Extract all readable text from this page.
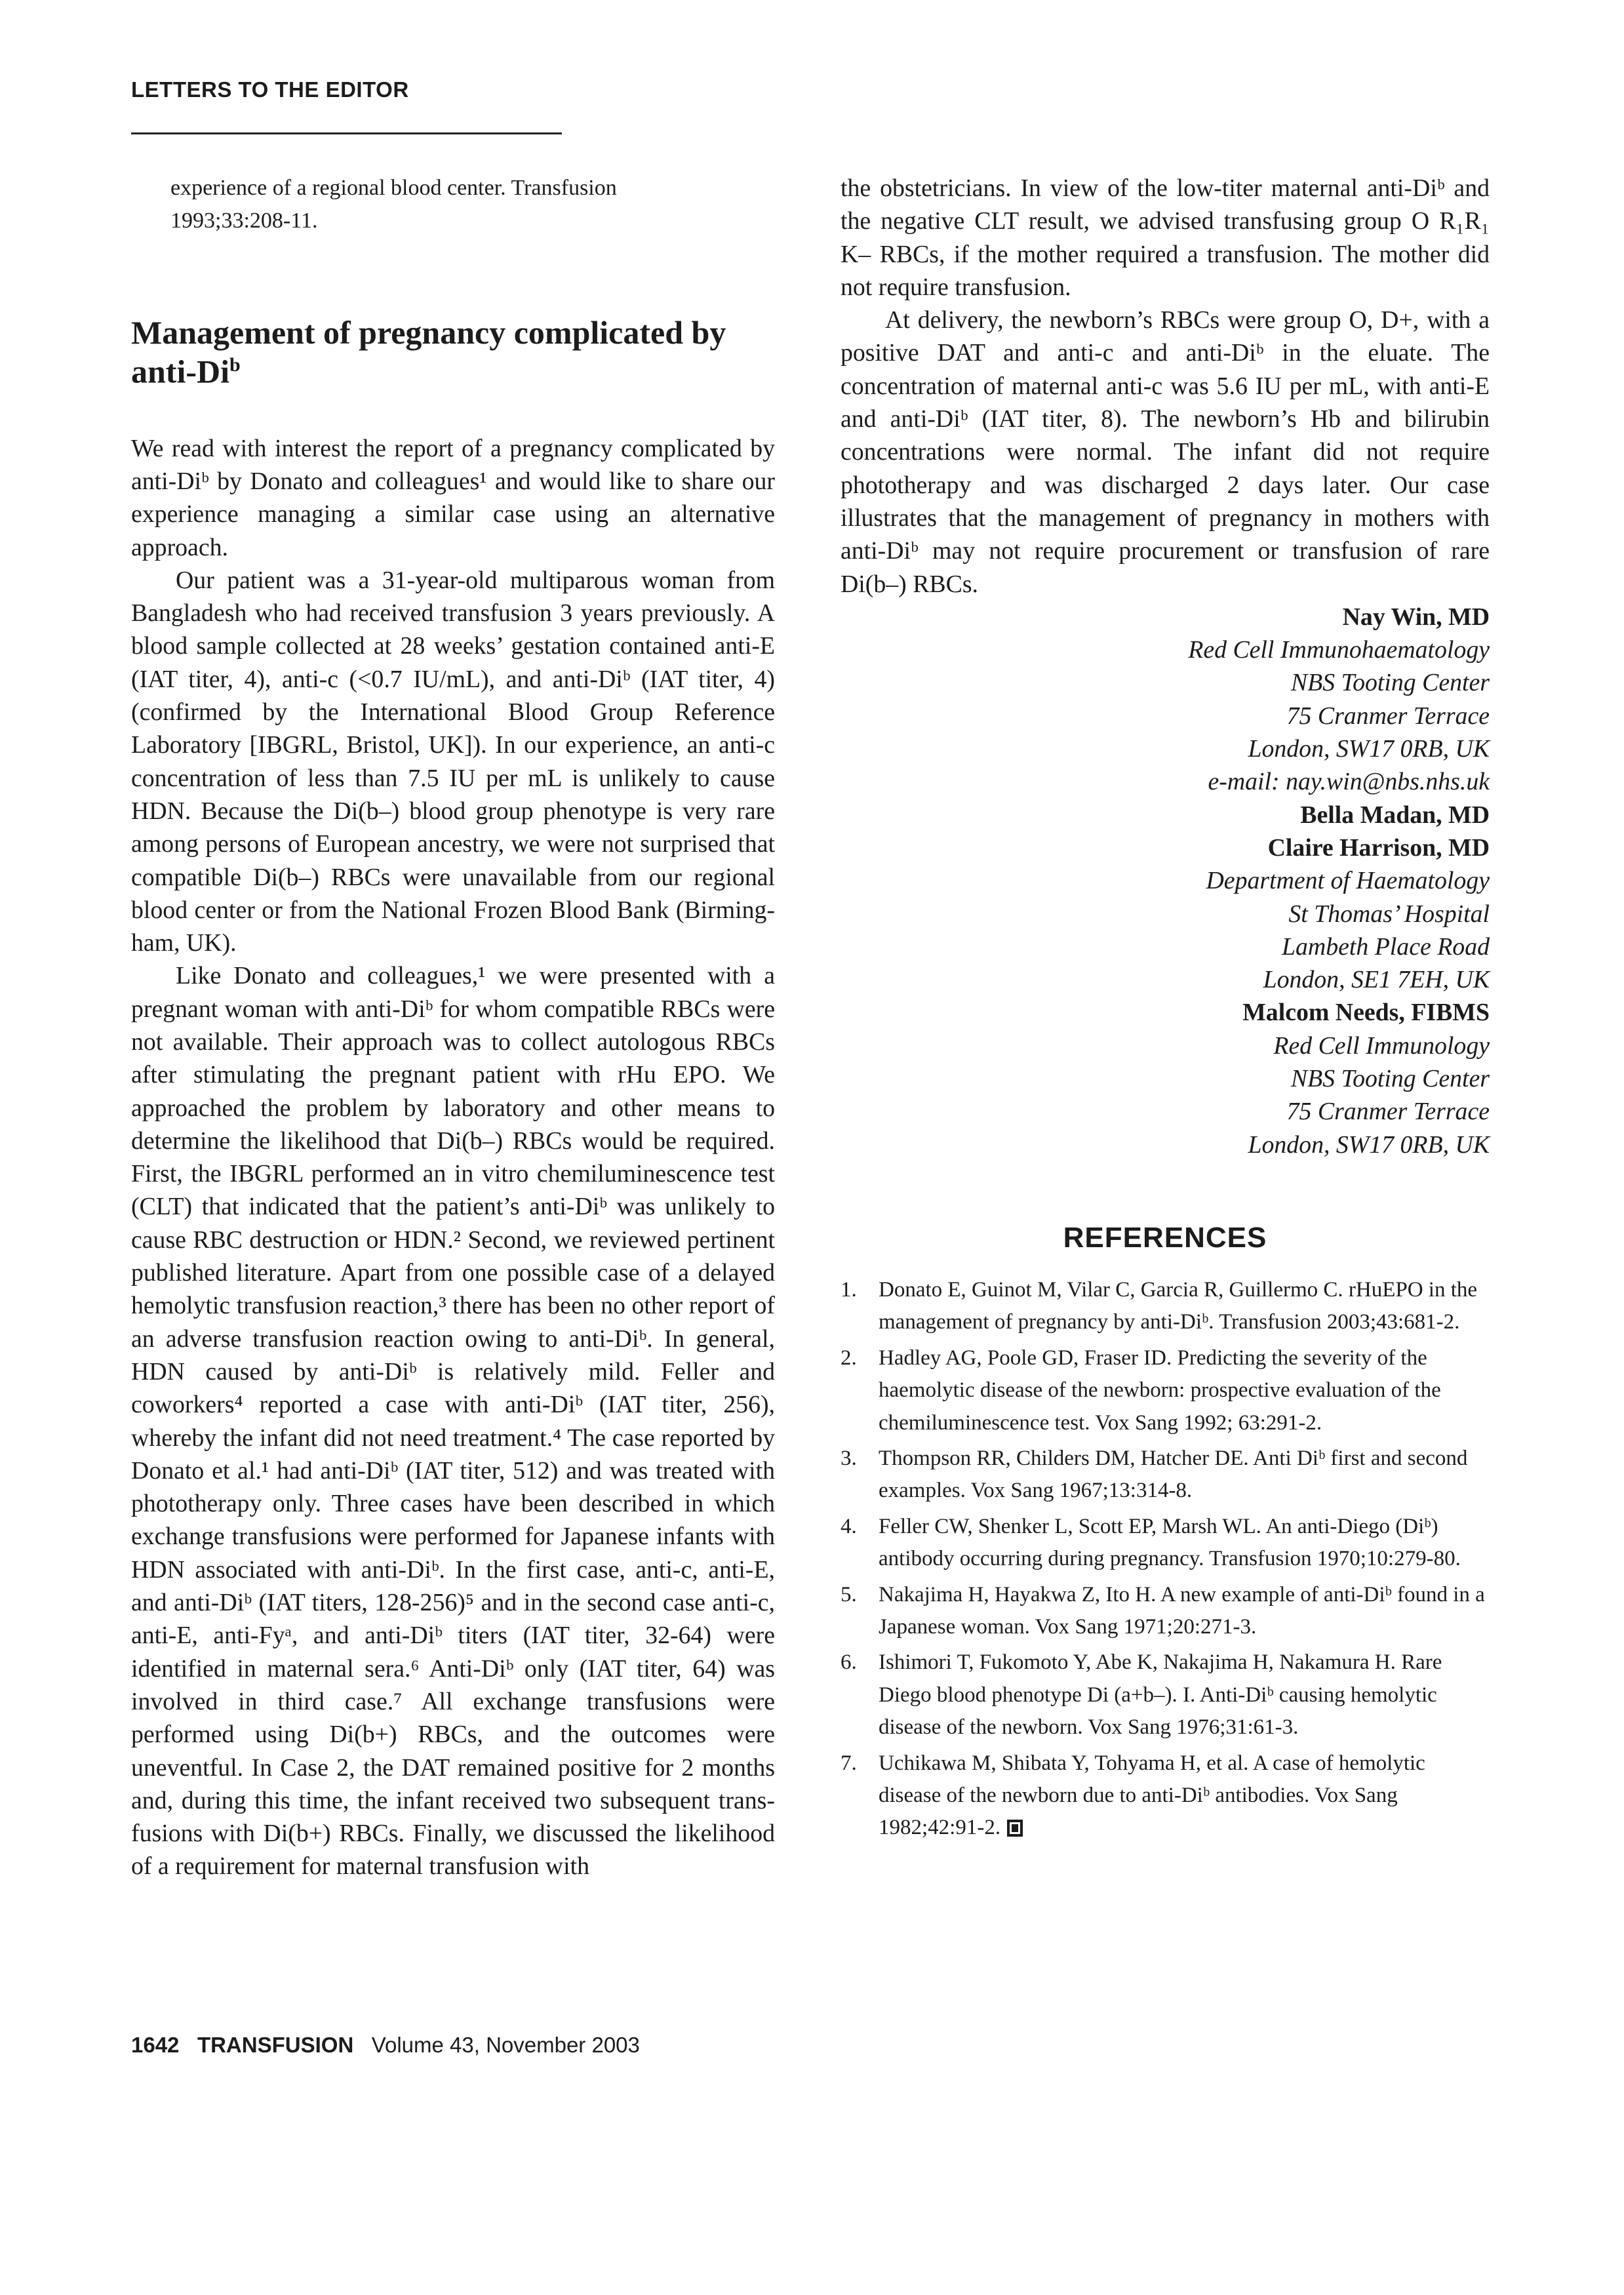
LETTERS TO THE EDITOR
experience of a regional blood center. Transfusion
1993;33:208-11.
Management of pregnancy complicated by anti-Di$^b$

We read with interest the report of a pregnancy complicated by anti-Diᵇ by Donato and colleagues¹ and would like to share our experience managing a similar case using an alternative approach.

Our patient was a 31-year-old multiparous woman from Bangladesh who had received transfusion 3 years previously. A blood sample collected at 28 weeks’ gestation contained anti-E (IAT titer, 4), anti-c (<0.7 IU/mL), and anti-Diᵇ (IAT titer, 4) (confirmed by the International Blood Group Reference Laboratory [IBGRL, Bristol, UK]). In our experience, an anti-c concentration of less than 7.5 IU per mL is unlikely to cause HDN. Because the Di(b–) blood group phenotype is very rare among persons of European ancestry, we were not surprised that compatible Di(b–) RBCs were unavailable from our regional blood center or from the National Frozen Blood Bank (Birmingham, UK).

Like Donato and colleagues,¹ we were presented with a pregnant woman with anti-Diᵇ for whom compatible RBCs were not available. Their approach was to collect autologous RBCs after stimulating the pregnant patient with rHu EPO. We approached the problem by laboratory and other means to determine the likelihood that Di(b–) RBCs would be required. First, the IBGRL performed an in vitro chemiluminescence test (CLT) that indicated that the patient’s anti-Diᵇ was unlikely to cause RBC destruction or HDN.² Second, we reviewed pertinent published literature. Apart from one possible case of a delayed hemolytic transfusion reaction,³ there has been no other report of an adverse transfusion reaction owing to anti-Diᵇ. In general, HDN caused by anti-Diᵇ is relatively mild. Feller and coworkers⁴ reported a case with anti-Diᵇ (IAT titer, 256), whereby the infant did not need treatment.⁴ The case reported by Donato et al.¹ had anti-Diᵇ (IAT titer, 512) and was treated with phototherapy only. Three cases have been described in which exchange transfusions were performed for Japanese infants with HDN associated with anti-Diᵇ. In the first case, anti-c, anti-E, and anti-Diᵇ (IAT titers, 128-256)⁵ and in the second case anti-c, anti-E, anti-Fyᵃ, and anti-Diᵇ titers (IAT titer, 32-64) were identified in maternal sera.⁶ Anti-Diᵇ only (IAT titer, 64) was involved in third case.⁷ All exchange transfusions were performed using Di(b+) RBCs, and the outcomes were uneventful. In Case 2, the DAT remained positive for 2 months and, during this time, the infant received two subsequent transfusions with Di(b+) RBCs. Finally, we discussed the likelihood of a requirement for maternal transfusion with

the obstetricians. In view of the low-titer maternal anti-Diᵇ and the negative CLT result, we advised transfusing group O R₁R₁ K– RBCs, if the mother required a transfusion. The mother did not require transfusion.

At delivery, the newborn’s RBCs were group O, D+, with a positive DAT and anti-c and anti-Diᵇ in the eluate. The concentration of maternal anti-c was 5.6 IU per mL, with anti-E and anti-Diᵇ (IAT titer, 8). The newborn’s Hb and bilirubin concentrations were normal. The infant did not require phototherapy and was discharged 2 days later. Our case illustrates that the management of pregnancy in mothers with anti-Diᵇ may not require procurement or transfusion of rare Di(b–) RBCs.

Nay Win, MD
Red Cell Immunohaematology
NBS Tooting Center
75 Cranmer Terrace
London, SW17 0RB, UK
e-mail: nay.win@nbs.nhs.uk
Bella Madan, MD
Claire Harrison, MD
Department of Haematology
St Thomas’ Hospital
Lambeth Place Road
London, SE1 7EH, UK
Malcom Needs, FIBMS
Red Cell Immunology
NBS Tooting Center
75 Cranmer Terrace
London, SW17 0RB, UK
REFERENCES
1. Donato E, Guinot M, Vilar C, Garcia R, Guillermo C. rHuEPO in the management of pregnancy by anti-Diᵇ. Transfusion 2003;43:681-2.
2. Hadley AG, Poole GD, Fraser ID. Predicting the severity of the haemolytic disease of the newborn: prospective evaluation of the chemiluminescence test. Vox Sang 1992; 63:291-2.
3. Thompson RR, Childers DM, Hatcher DE. Anti Diᵇ first and second examples. Vox Sang 1967;13:314-8.
4. Feller CW, Shenker L, Scott EP, Marsh WL. An anti-Diego (Diᵇ) antibody occurring during pregnancy. Transfusion 1970;10:279-80.
5. Nakajima H, Hayakwa Z, Ito H. A new example of anti-Diᵇ found in a Japanese woman. Vox Sang 1971;20:271-3.
6. Ishimori T, Fukomoto Y, Abe K, Nakajima H, Nakamura H. Rare Diego blood phenotype Di (a+b–). I. Anti-Diᵇ causing hemolytic disease of the newborn. Vox Sang 1976;31:61-3.
7. Uchikawa M, Shibata Y, Tohyama H, et al. A case of hemolytic disease of the newborn due to anti-Diᵇ antibodies. Vox Sang 1982;42:91-2.
1642 TRANSFUSION Volume 43, November 2003
